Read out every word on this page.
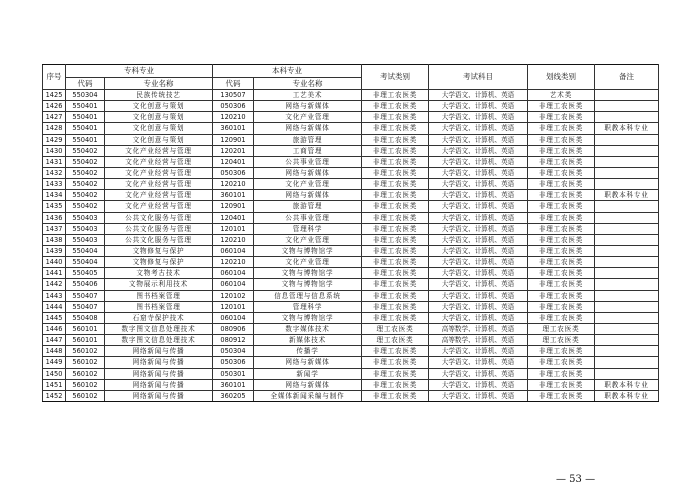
序号	专科专业		本科专业		考试类别	考试科目	划线类别	备注
	代码	专业名称	代码	专业名称				
1425	550304	民族传统技艺	130507	工艺美术	非理工农医类	大学语文、计算机、英语	艺术类	
1426	550401	文化创意与策划	050306	网络与新媒体	非理工农医类	大学语文、计算机、英语	非理工农医类	
1427	550401	文化创意与策划	120210	文化产业管理	非理工农医类	大学语文、计算机、英语	非理工农医类	
1428	550401	文化创意与策划	360101	网络与新媒体	非理工农医类	大学语文、计算机、英语	非理工农医类	职教本科专业
1429	550401	文化创意与策划	120901	旅游管理	非理工农医类	大学语文、计算机、英语	非理工农医类	
1430	550402	文化产业经营与管理	120201	工商管理	非理工农医类	大学语文、计算机、英语	非理工农医类	
1431	550402	文化产业经营与管理	120401	公共事业管理	非理工农医类	大学语文、计算机、英语	非理工农医类	
1432	550402	文化产业经营与管理	050306	网络与新媒体	非理工农医类	大学语文、计算机、英语	非理工农医类	
1433	550402	文化产业经营与管理	120210	文化产业管理	非理工农医类	大学语文、计算机、英语	非理工农医类	
1434	550402	文化产业经营与管理	360101	网络与新媒体	非理工农医类	大学语文、计算机、英语	非理工农医类	职教本科专业
1435	550402	文化产业经营与管理	120901	旅游管理	非理工农医类	大学语文、计算机、英语	非理工农医类	
1436	550403	公共文化服务与管理	120401	公共事业管理	非理工农医类	大学语文、计算机、英语	非理工农医类	
1437	550403	公共文化服务与管理	120101	管理科学	非理工农医类	大学语文、计算机、英语	非理工农医类	
1438	550403	公共文化服务与管理	120210	文化产业管理	非理工农医类	大学语文、计算机、英语	非理工农医类	
1439	550404	文物修复与保护	060104	文物与博物馆学	非理工农医类	大学语文、计算机、英语	非理工农医类	
1440	550404	文物修复与保护	120210	文化产业管理	非理工农医类	大学语文、计算机、英语	非理工农医类	
1441	550405	文物考古技术	060104	文物与博物馆学	非理工农医类	大学语文、计算机、英语	非理工农医类	
1442	550406	文物展示利用技术	060104	文物与博物馆学	非理工农医类	大学语文、计算机、英语	非理工农医类	
1443	550407	图书档案管理	120102	信息管理与信息系统	非理工农医类	大学语文、计算机、英语	非理工农医类	
1444	550407	图书档案管理	120101	管理科学	非理工农医类	大学语文、计算机、英语	非理工农医类	
1445	550408	石窟寺保护技术	060104	文物与博物馆学	非理工农医类	大学语文、计算机、英语	非理工农医类	
1446	560101	数字图文信息处理技术	080906	数字媒体技术	理工农医类	高等数学、计算机、英语	理工农医类	
1447	560101	数字图文信息处理技术	080912	新媒体技术	理工农医类	高等数学、计算机、英语	理工农医类	
1448	560102	网络新闻与传播	050304	传播学	非理工农医类	大学语文、计算机、英语	非理工农医类	
1449	560102	网络新闻与传播	050306	网络与新媒体	非理工农医类	大学语文、计算机、英语	非理工农医类	
1450	560102	网络新闻与传播	050301	新闻学	非理工农医类	大学语文、计算机、英语	非理工农医类	
1451	560102	网络新闻与传播	360101	网络与新媒体	非理工农医类	大学语文、计算机、英语	非理工农医类	职教本科专业
1452	560102	网络新闻与传播	360205	全媒体新闻采编与制作	非理工农医类	大学语文、计算机、英语	非理工农医类	职教本科专业
— 53 —
